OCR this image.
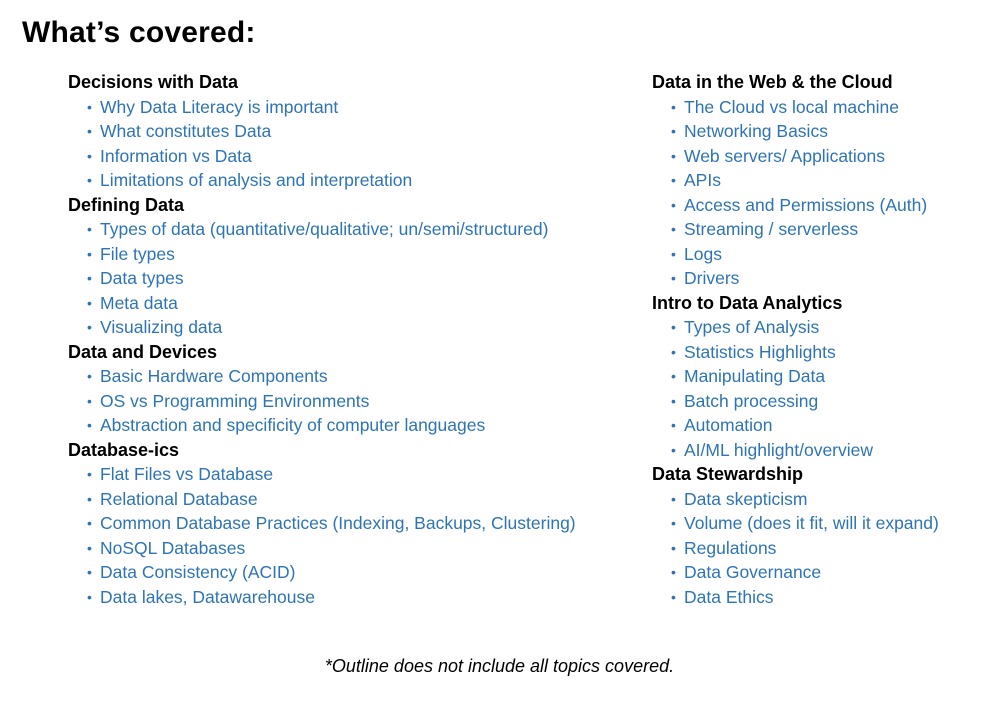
What’s covered:
Decisions with Data
• Why Data Literacy is important
• What constitutes Data
• Information vs Data
• Limitations of analysis and interpretation
Defining Data
• Types of data (quantitative/qualitative; un/semi/structured)
• File types
• Data types
• Meta data
• Visualizing data
Data and Devices
• Basic Hardware Components
• OS vs Programming Environments
• Abstraction and specificity of computer languages
Database-ics
• Flat Files vs Database
• Relational Database
• Common Database Practices (Indexing, Backups, Clustering)
• NoSQL Databases
• Data Consistency (ACID)
• Data lakes, Datawarehouse
Data in the Web & the Cloud
• The Cloud vs local machine
• Networking Basics
• Web servers/ Applications
• APIs
• Access and Permissions (Auth)
• Streaming / serverless
• Logs
• Drivers
Intro to Data Analytics
• Types of Analysis
• Statistics Highlights
• Manipulating Data
• Batch processing
• Automation
• AI/ML highlight/overview
Data Stewardship
• Data skepticism
• Volume (does it fit, will it expand)
• Regulations
• Data Governance
• Data Ethics

*Outline does not include all topics covered.
